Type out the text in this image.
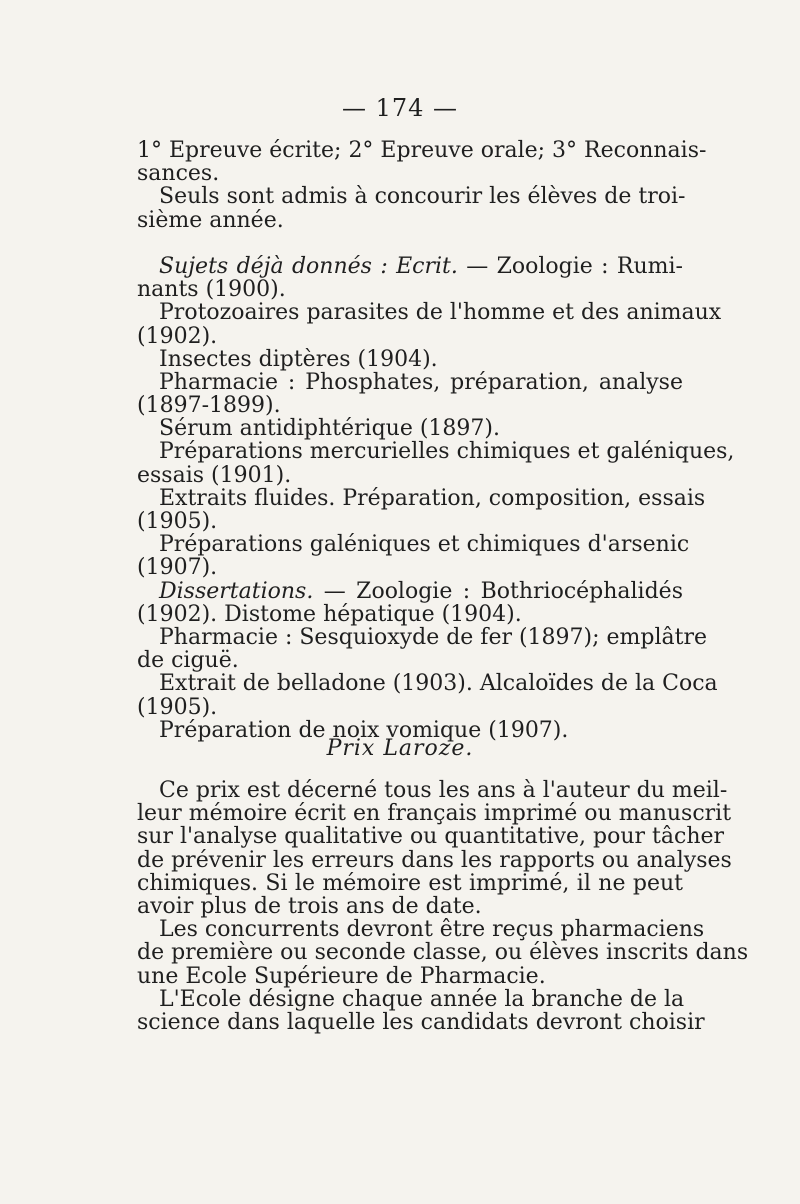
— 174 —
1° Epreuve écrite; 2° Epreuve orale; 3° Reconnais-
sances.
Seuls sont admis à concourir les élèves de troi-
sième année.
Sujets déjà donnés : Ecrit. — Zoologie : Rumi-
nants (1900).
Protozoaires parasites de l'homme et des animaux
(1902).
Insectes diptères (1904).
Pharmacie : Phosphates, préparation, analyse
(1897-1899).
Sérum antidiphtérique (1897).
Préparations mercurielles chimiques et galéniques,
essais (1901).
Extraits fluides. Préparation, composition, essais
(1905).
Préparations galéniques et chimiques d'arsenic
(1907).
Dissertations. — Zoologie : Bothriocéphalidés
(1902). Distome hépatique (1904).
Pharmacie : Sesquioxyde de fer (1897); emplâtre
de ciguë.
Extrait de belladone (1903). Alcaloïdes de la Coca
(1905).
Préparation de noix vomique (1907).
Prix Laroze.
Ce prix est décerné tous les ans à l'auteur du meil-
leur mémoire écrit en français imprimé ou manuscrit
sur l'analyse qualitative ou quantitative, pour tâcher
de prévenir les erreurs dans les rapports ou analyses
chimiques. Si le mémoire est imprimé, il ne peut
avoir plus de trois ans de date.
Les concurrents devront être reçus pharmaciens
de première ou seconde classe, ou élèves inscrits dans
une Ecole Supérieure de Pharmacie.
L'Ecole désigne chaque année la branche de la
science dans laquelle les candidats devront choisir
